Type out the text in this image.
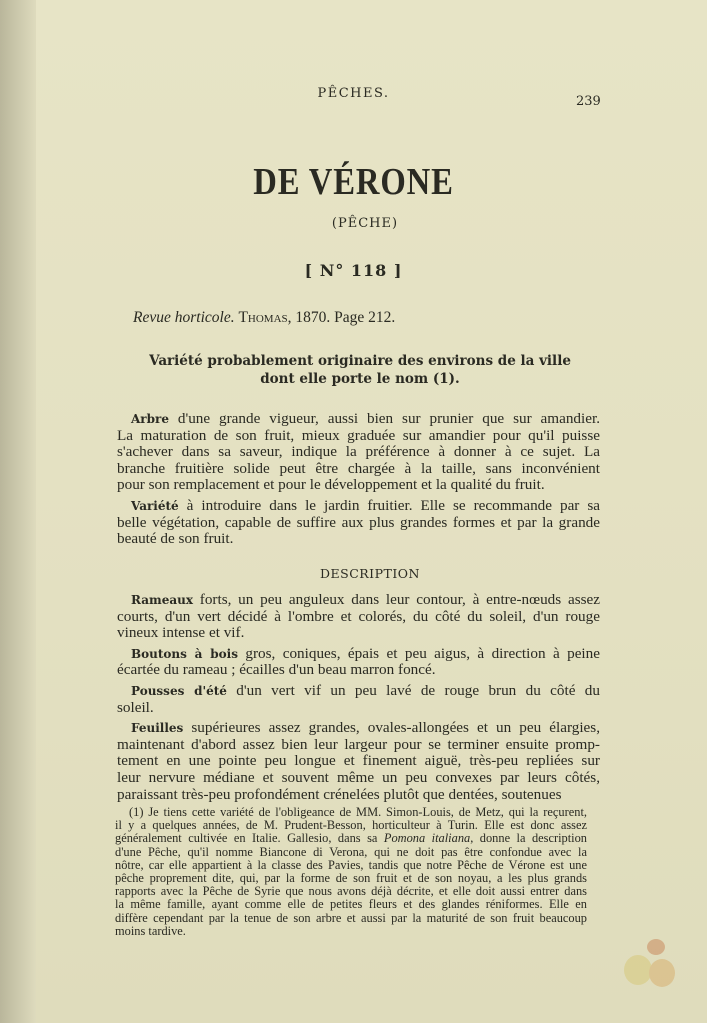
PÊCHES.
239
DE VÉRONE
(PÊCHE)
[ N° 118 ]
Revue horticole. Thomas, 1870. Page 212.
Variété probablement originaire des environs de la ville
dont elle porte le nom (1).
Arbre d'une grande vigueur, aussi bien sur prunier que sur amandier.
La maturation de son fruit, mieux graduée sur amandier pour qu'il puisse
s'achever dans sa saveur, indique la préférence à donner à ce sujet. La
branche fruitière solide peut être chargée à la taille, sans inconvénient
pour son remplacement et pour le développement et la qualité du fruit.
Variété à introduire dans le jardin fruitier. Elle se recommande par sa
belle végétation, capable de suffire aux plus grandes formes et par la grande
beauté de son fruit.
DESCRIPTION
Rameaux forts, un peu anguleux dans leur contour, à entre-nœuds assez
courts, d'un vert décidé à l'ombre et colorés, du côté du soleil, d'un rouge
vineux intense et vif.
Boutons à bois gros, coniques, épais et peu aigus, à direction à peine
écartée du rameau ; écailles d'un beau marron foncé.
Pousses d'été d'un vert vif un peu lavé de rouge brun du côté du
soleil.
Feuilles supérieures assez grandes, ovales-allongées et un peu élargies,
maintenant d'abord assez bien leur largeur pour se terminer ensuite promp-
tement en une pointe peu longue et finement aiguë, très-peu repliées sur
leur nervure médiane et souvent même un peu convexes par leurs côtés,
paraissant très-peu profondément crénelées plutôt que dentées, soutenues
(1) Je tiens cette variété de l'obligeance de MM. Simon-Louis, de Metz, qui la reçurent,
il y a quelques années, de M. Prudent-Besson, horticulteur à Turin. Elle est donc assez
généralement cultivée en Italie. Gallesio, dans sa Pomona italiana, donne la description
d'une Pêche, qu'il nomme Biancone di Verona, qui ne doit pas être confondue avec la
nôtre, car elle appartient à la classe des Pavies, tandis que notre Pêche de Vérone est une
pêche proprement dite, qui, par la forme de son fruit et de son noyau, a les plus grands
rapports avec la Pêche de Syrie que nous avons déjà décrite, et elle doit aussi entrer dans
la même famille, ayant comme elle de petites fleurs et des glandes réniformes. Elle en
diffère cependant par la tenue de son arbre et aussi par la maturité de son fruit beaucoup
moins tardive.
